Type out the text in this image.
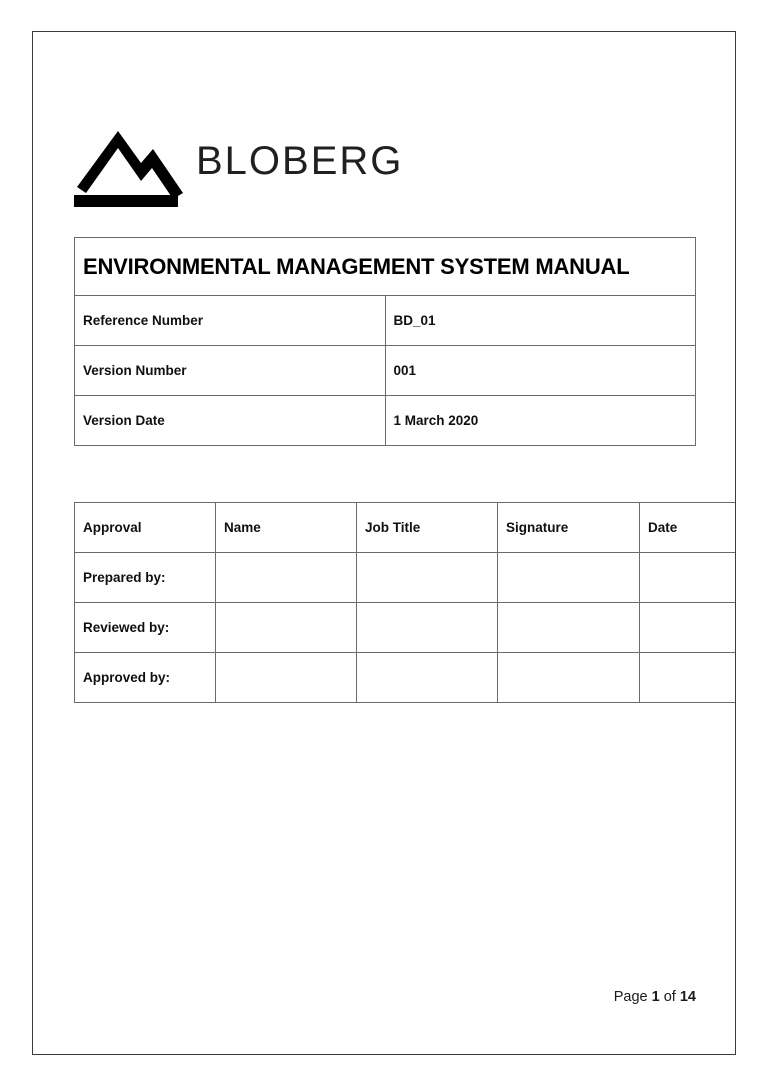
BLOBERG
ENVIRONMENTAL MANAGEMENT SYSTEM MANUAL	
Reference Number	BD_01
Version Number	001
Version Date	1 March 2020
Approval	Name	Job Title	Signature	Date
Prepared by:				
Reviewed by:				
Approved by:				
Page 1 of 14
